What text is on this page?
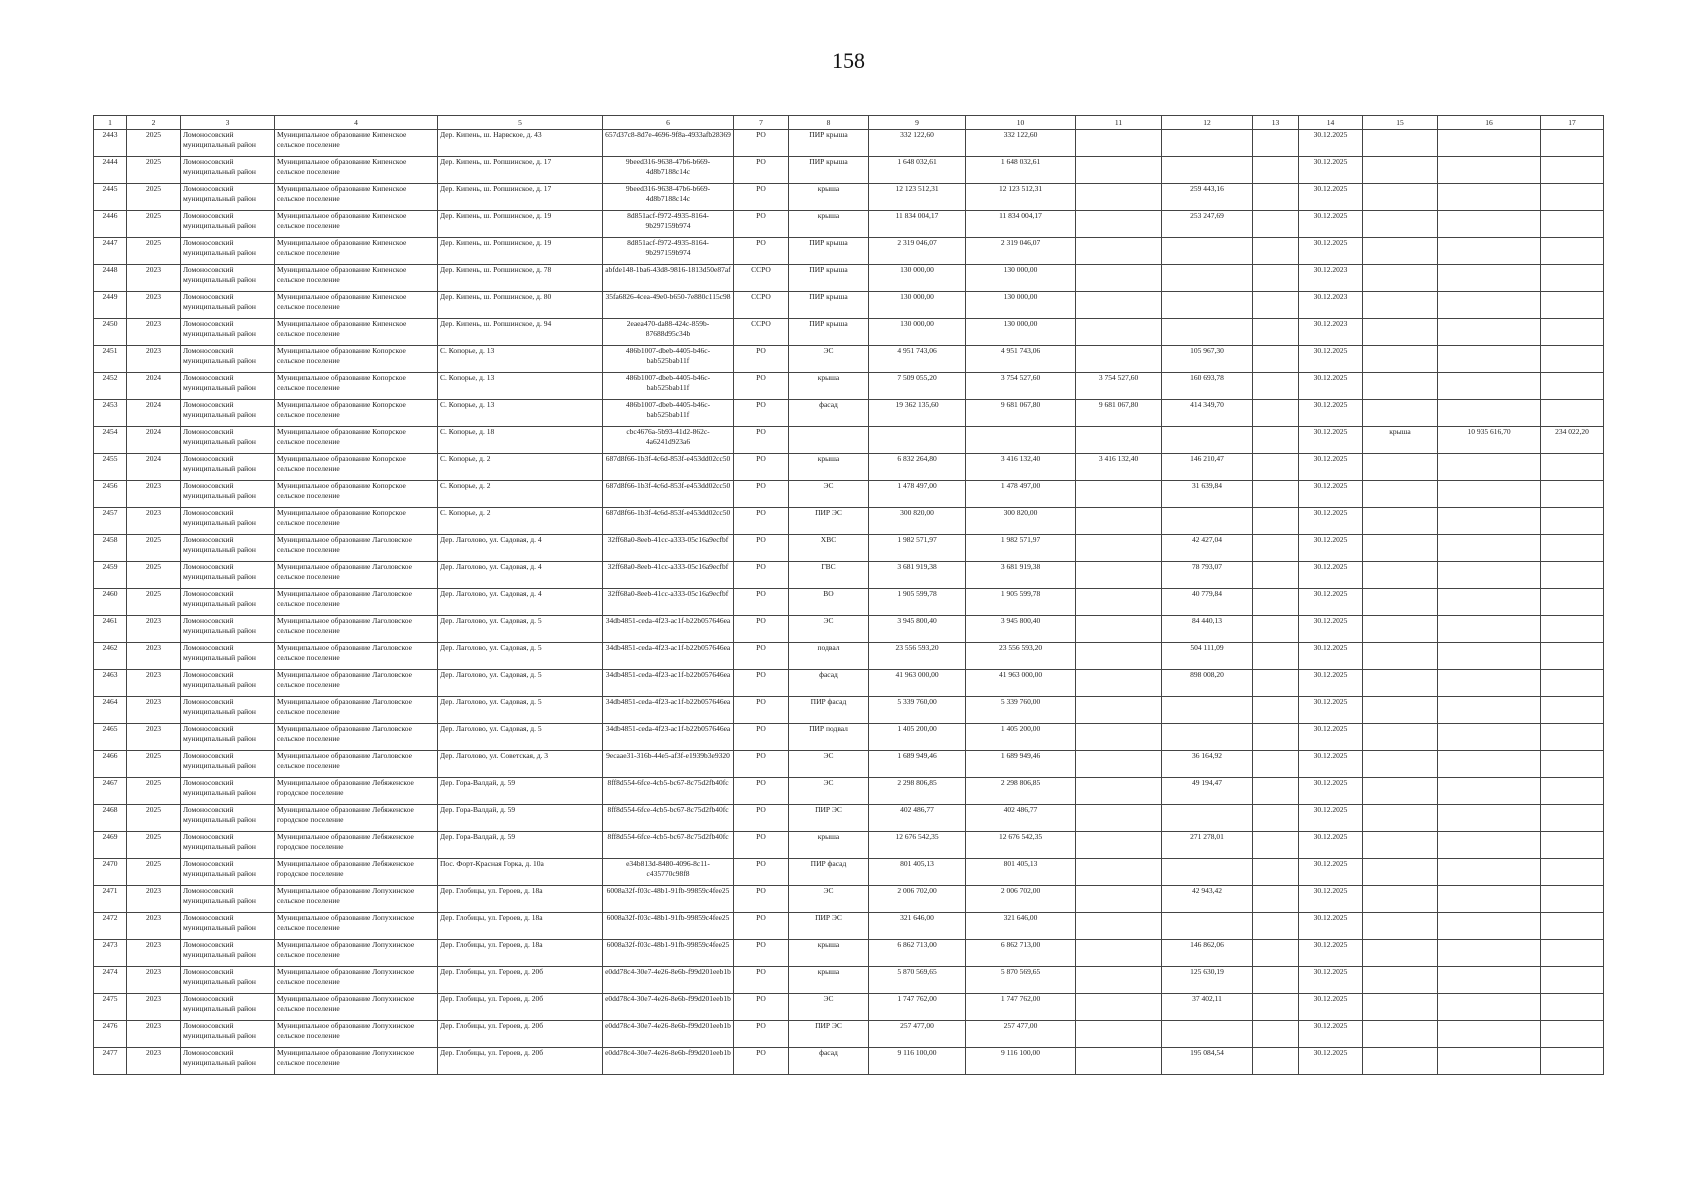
158
1	2	3	4	5	6	7	8	9	10	11	12	13	14	15	16	17
2443	2025	Ломоносовский муниципальный район	Муниципальное образование Кипенское сельское поселение	Дер. Кипень, ш. Нарвское, д. 43	657d37c8-8d7e-4696-9f8a-4933afb28369	РО	ПИР крыша	332 122,60	332 122,60				30.12.2025			
2444	2025	Ломоносовский муниципальный район	Муниципальное образование Кипенское сельское поселение	Дер. Кипень, ш. Ропшинское, д. 17	9beed316-9638-47b6-b669-4d8b7188c14c	РО	ПИР крыша	1 648 032,61	1 648 032,61				30.12.2025			
2445	2025	Ломоносовский муниципальный район	Муниципальное образование Кипенское сельское поселение	Дер. Кипень, ш. Ропшинское, д. 17	9beed316-9638-47b6-b669-4d8b7188c14c	РО	крыша	12 123 512,31	12 123 512,31		259 443,16		30.12.2025			
2446	2025	Ломоносовский муниципальный район	Муниципальное образование Кипенское сельское поселение	Дер. Кипень, ш. Ропшинское, д. 19	8d851acf-f972-4935-8164-9b297159b974	РО	крыша	11 834 004,17	11 834 004,17		253 247,69		30.12.2025			
2447	2025	Ломоносовский муниципальный район	Муниципальное образование Кипенское сельское поселение	Дер. Кипень, ш. Ропшинское, д. 19	8d851acf-f972-4935-8164-9b297159b974	РО	ПИР крыша	2 319 046,07	2 319 046,07				30.12.2025			
2448	2023	Ломоносовский муниципальный район	Муниципальное образование Кипенское сельское поселение	Дер. Кипень, ш. Ропшинское, д. 78	abfde148-1ba6-43d8-9816-1813d50e87af	ССРО	ПИР крыша	130 000,00	130 000,00				30.12.2023			
2449	2023	Ломоносовский муниципальный район	Муниципальное образование Кипенское сельское поселение	Дер. Кипень, ш. Ропшинское, д. 80	35fa6826-4cea-49e0-b650-7e880c115c98	ССРО	ПИР крыша	130 000,00	130 000,00				30.12.2023			
2450	2023	Ломоносовский муниципальный район	Муниципальное образование Кипенское сельское поселение	Дер. Кипень, ш. Ропшинское, д. 94	2eaea470-da88-424c-859b-87688d95c34b	ССРО	ПИР крыша	130 000,00	130 000,00				30.12.2023			
2451	2023	Ломоносовский муниципальный район	Муниципальное образование Копорское сельское поселение	С. Копорье, д. 13	486b1007-dbeb-4405-b46c-bab525bab11f	РО	ЭС	4 951 743,06	4 951 743,06		105 967,30		30.12.2025			
2452	2024	Ломоносовский муниципальный район	Муниципальное образование Копорское сельское поселение	С. Копорье, д. 13	486b1007-dbeb-4405-b46c-bab525bab11f	РО	крыша	7 509 055,20	3 754 527,60	3 754 527,60	160 693,78		30.12.2025			
2453	2024	Ломоносовский муниципальный район	Муниципальное образование Копорское сельское поселение	С. Копорье, д. 13	486b1007-dbeb-4405-b46c-bab525bab11f	РО	фасад	19 362 135,60	9 681 067,80	9 681 067,80	414 349,70		30.12.2025			
2454	2024	Ломоносовский муниципальный район	Муниципальное образование Копорское сельское поселение	С. Копорье, д. 18	cbc4676a-5b93-41d2-862c-4a6241d923a6	РО							30.12.2025	крыша	10 935 616,70	234 022,20
2455	2024	Ломоносовский муниципальный район	Муниципальное образование Копорское сельское поселение	С. Копорье, д. 2	687d8f66-1b3f-4c6d-853f-e453dd02cc50	РО	крыша	6 832 264,80	3 416 132,40	3 416 132,40	146 210,47		30.12.2025			
2456	2023	Ломоносовский муниципальный район	Муниципальное образование Копорское сельское поселение	С. Копорье, д. 2	687d8f66-1b3f-4c6d-853f-e453dd02cc50	РО	ЭС	1 478 497,00	1 478 497,00		31 639,84		30.12.2025			
2457	2023	Ломоносовский муниципальный район	Муниципальное образование Копорское сельское поселение	С. Копорье, д. 2	687d8f66-1b3f-4c6d-853f-e453dd02cc50	РО	ПИР ЭС	300 820,00	300 820,00				30.12.2025			
2458	2025	Ломоносовский муниципальный район	Муниципальное образование Лаголовское сельское поселение	Дер. Лаголово, ул. Садовая, д. 4	32ff68a0-8eeb-41cc-a333-05c16a9ecfbf	РО	ХВС	1 982 571,97	1 982 571,97		42 427,04		30.12.2025			
2459	2025	Ломоносовский муниципальный район	Муниципальное образование Лаголовское сельское поселение	Дер. Лаголово, ул. Садовая, д. 4	32ff68a0-8eeb-41cc-a333-05c16a9ecfbf	РО	ГВС	3 681 919,38	3 681 919,38		78 793,07		30.12.2025			
2460	2025	Ломоносовский муниципальный район	Муниципальное образование Лаголовское сельское поселение	Дер. Лаголово, ул. Садовая, д. 4	32ff68a0-8eeb-41cc-a333-05c16a9ecfbf	РО	ВО	1 905 599,78	1 905 599,78		40 779,84		30.12.2025			
2461	2023	Ломоносовский муниципальный район	Муниципальное образование Лаголовское сельское поселение	Дер. Лаголово, ул. Садовая, д. 5	34db4851-ceda-4f23-ac1f-b22b057646ea	РО	ЭС	3 945 800,40	3 945 800,40		84 440,13		30.12.2025			
2462	2023	Ломоносовский муниципальный район	Муниципальное образование Лаголовское сельское поселение	Дер. Лаголово, ул. Садовая, д. 5	34db4851-ceda-4f23-ac1f-b22b057646ea	РО	подвал	23 556 593,20	23 556 593,20		504 111,09		30.12.2025			
2463	2023	Ломоносовский муниципальный район	Муниципальное образование Лаголовское сельское поселение	Дер. Лаголово, ул. Садовая, д. 5	34db4851-ceda-4f23-ac1f-b22b057646ea	РО	фасад	41 963 000,00	41 963 000,00		898 008,20		30.12.2025			
2464	2023	Ломоносовский муниципальный район	Муниципальное образование Лаголовское сельское поселение	Дер. Лаголово, ул. Садовая, д. 5	34db4851-ceda-4f23-ac1f-b22b057646ea	РО	ПИР фасад	5 339 760,00	5 339 760,00				30.12.2025			
2465	2023	Ломоносовский муниципальный район	Муниципальное образование Лаголовское сельское поселение	Дер. Лаголово, ул. Садовая, д. 5	34db4851-ceda-4f23-ac1f-b22b057646ea	РО	ПИР подвал	1 405 200,00	1 405 200,00				30.12.2025			
2466	2025	Ломоносовский муниципальный район	Муниципальное образование Лаголовское сельское поселение	Дер. Лаголово, ул. Советская, д. 3	9ecaae31-316b-44e5-af3f-e1939b3e9320	РО	ЭС	1 689 949,46	1 689 949,46		36 164,92		30.12.2025			
2467	2025	Ломоносовский муниципальный район	Муниципальное образование Лебяженское городское поселение	Дер. Гора-Валдай, д. 59	8ff8d554-6fce-4cb5-bc67-8c75d2fb40fc	РО	ЭС	2 298 806,85	2 298 806,85		49 194,47		30.12.2025			
2468	2025	Ломоносовский муниципальный район	Муниципальное образование Лебяженское городское поселение	Дер. Гора-Валдай, д. 59	8ff8d554-6fce-4cb5-bc67-8c75d2fb40fc	РО	ПИР ЭС	402 486,77	402 486,77				30.12.2025			
2469	2025	Ломоносовский муниципальный район	Муниципальное образование Лебяженское городское поселение	Дер. Гора-Валдай, д. 59	8ff8d554-6fce-4cb5-bc67-8c75d2fb40fc	РО	крыша	12 676 542,35	12 676 542,35		271 278,01		30.12.2025			
2470	2025	Ломоносовский муниципальный район	Муниципальное образование Лебяженское городское поселение	Пос. Форт-Красная Горка, д. 10а	e34b813d-8480-4096-8c11-c435770c98f8	РО	ПИР фасад	801 405,13	801 405,13				30.12.2025			
2471	2023	Ломоносовский муниципальный район	Муниципальное образование Лопухинское сельское поселение	Дер. Глобицы, ул. Героев, д. 18а	6008a32f-f03c-48b1-91fb-99859c4fee25	РО	ЭС	2 006 702,00	2 006 702,00		42 943,42		30.12.2025			
2472	2023	Ломоносовский муниципальный район	Муниципальное образование Лопухинское сельское поселение	Дер. Глобицы, ул. Героев, д. 18а	6008a32f-f03c-48b1-91fb-99859c4fee25	РО	ПИР ЭС	321 646,00	321 646,00				30.12.2025			
2473	2023	Ломоносовский муниципальный район	Муниципальное образование Лопухинское сельское поселение	Дер. Глобицы, ул. Героев, д. 18а	6008a32f-f03c-48b1-91fb-99859c4fee25	РО	крыша	6 862 713,00	6 862 713,00		146 862,06		30.12.2025			
2474	2023	Ломоносовский муниципальный район	Муниципальное образование Лопухинское сельское поселение	Дер. Глобицы, ул. Героев, д. 20б	e0dd78c4-30e7-4e26-8e6b-f99d201eeb1b	РО	крыша	5 870 569,65	5 870 569,65		125 630,19		30.12.2025			
2475	2023	Ломоносовский муниципальный район	Муниципальное образование Лопухинское сельское поселение	Дер. Глобицы, ул. Героев, д. 20б	e0dd78c4-30e7-4e26-8e6b-f99d201eeb1b	РО	ЭС	1 747 762,00	1 747 762,00		37 402,11		30.12.2025			
2476	2023	Ломоносовский муниципальный район	Муниципальное образование Лопухинское сельское поселение	Дер. Глобицы, ул. Героев, д. 20б	e0dd78c4-30e7-4e26-8e6b-f99d201eeb1b	РО	ПИР ЭС	257 477,00	257 477,00				30.12.2025			
2477	2023	Ломоносовский муниципальный район	Муниципальное образование Лопухинское сельское поселение	Дер. Глобицы, ул. Героев, д. 20б	e0dd78c4-30e7-4e26-8e6b-f99d201eeb1b	РО	фасад	9 116 100,00	9 116 100,00		195 084,54		30.12.2025			
